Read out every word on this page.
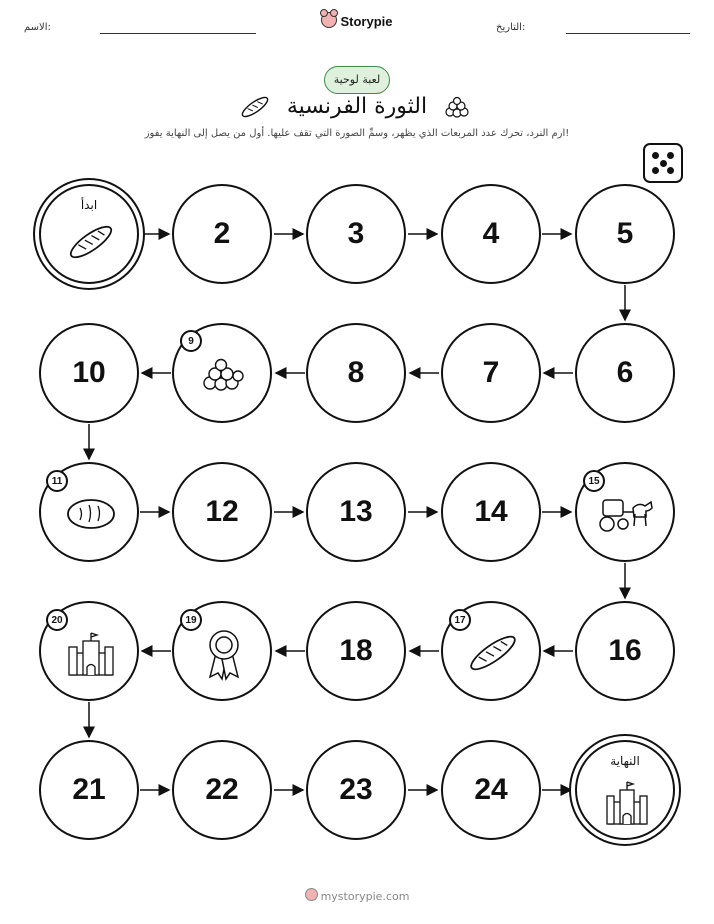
الاسم:	Storypie	التاريخ:
لعبة لوحية
الثورة الفرنسية
ارم النرد، تحرك عدد المربعات الذي يظهر، وسمِّ الصورة التي تقف عليها. أول من يصل إلى النهاية يفوز!
ابدأ
2	3	4	5
10
9
8	7	6
11
12	13	14
15
20	19
18
17
16
21	22	23	24
النهاية
mystorypie.com
